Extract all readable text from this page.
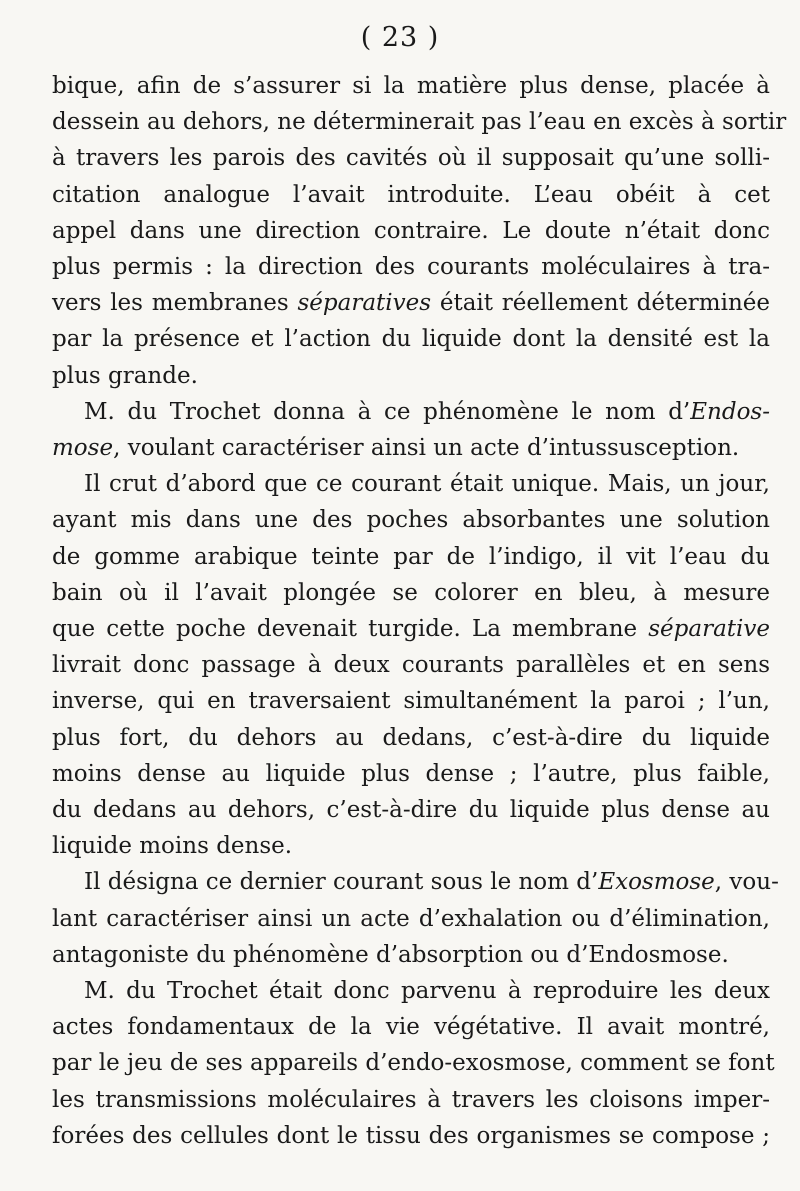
( 23 )
bique, afin de s’assurer si la matière plus dense, placée à
dessein au dehors, ne déterminerait pas l’eau en excès à sortir
à travers les parois des cavités où il supposait qu’une solli-
citation analogue l’avait introduite. L’eau obéit à cet
appel dans une direction contraire. Le doute n’était donc
plus permis : la direction des courants moléculaires à tra-
vers les membranes séparatives était réellement déterminée
par la présence et l’action du liquide dont la densité est la
plus grande.
M. du Trochet donna à ce phénomène le nom d’Endos-
mose, voulant caractériser ainsi un acte d’intussusception.
Il crut d’abord que ce courant était unique. Mais, un jour,
ayant mis dans une des poches absorbantes une solution
de gomme arabique teinte par de l’indigo, il vit l’eau du
bain où il l’avait plongée se colorer en bleu, à mesure
que cette poche devenait turgide. La membrane séparative
livrait donc passage à deux courants parallèles et en sens
inverse, qui en traversaient simultanément la paroi ; l’un,
plus fort, du dehors au dedans, c’est-à-dire du liquide
moins dense au liquide plus dense ; l’autre, plus faible,
du dedans au dehors, c’est-à-dire du liquide plus dense au
liquide moins dense.
Il désigna ce dernier courant sous le nom d’Exosmose, vou-
lant caractériser ainsi un acte d’exhalation ou d’élimination,
antagoniste du phénomène d’absorption ou d’Endosmose.
M. du Trochet était donc parvenu à reproduire les deux
actes fondamentaux de la vie végétative. Il avait montré,
par le jeu de ses appareils d’endo-exosmose, comment se font
les transmissions moléculaires à travers les cloisons imper-
forées des cellules dont le tissu des organismes se compose ;
